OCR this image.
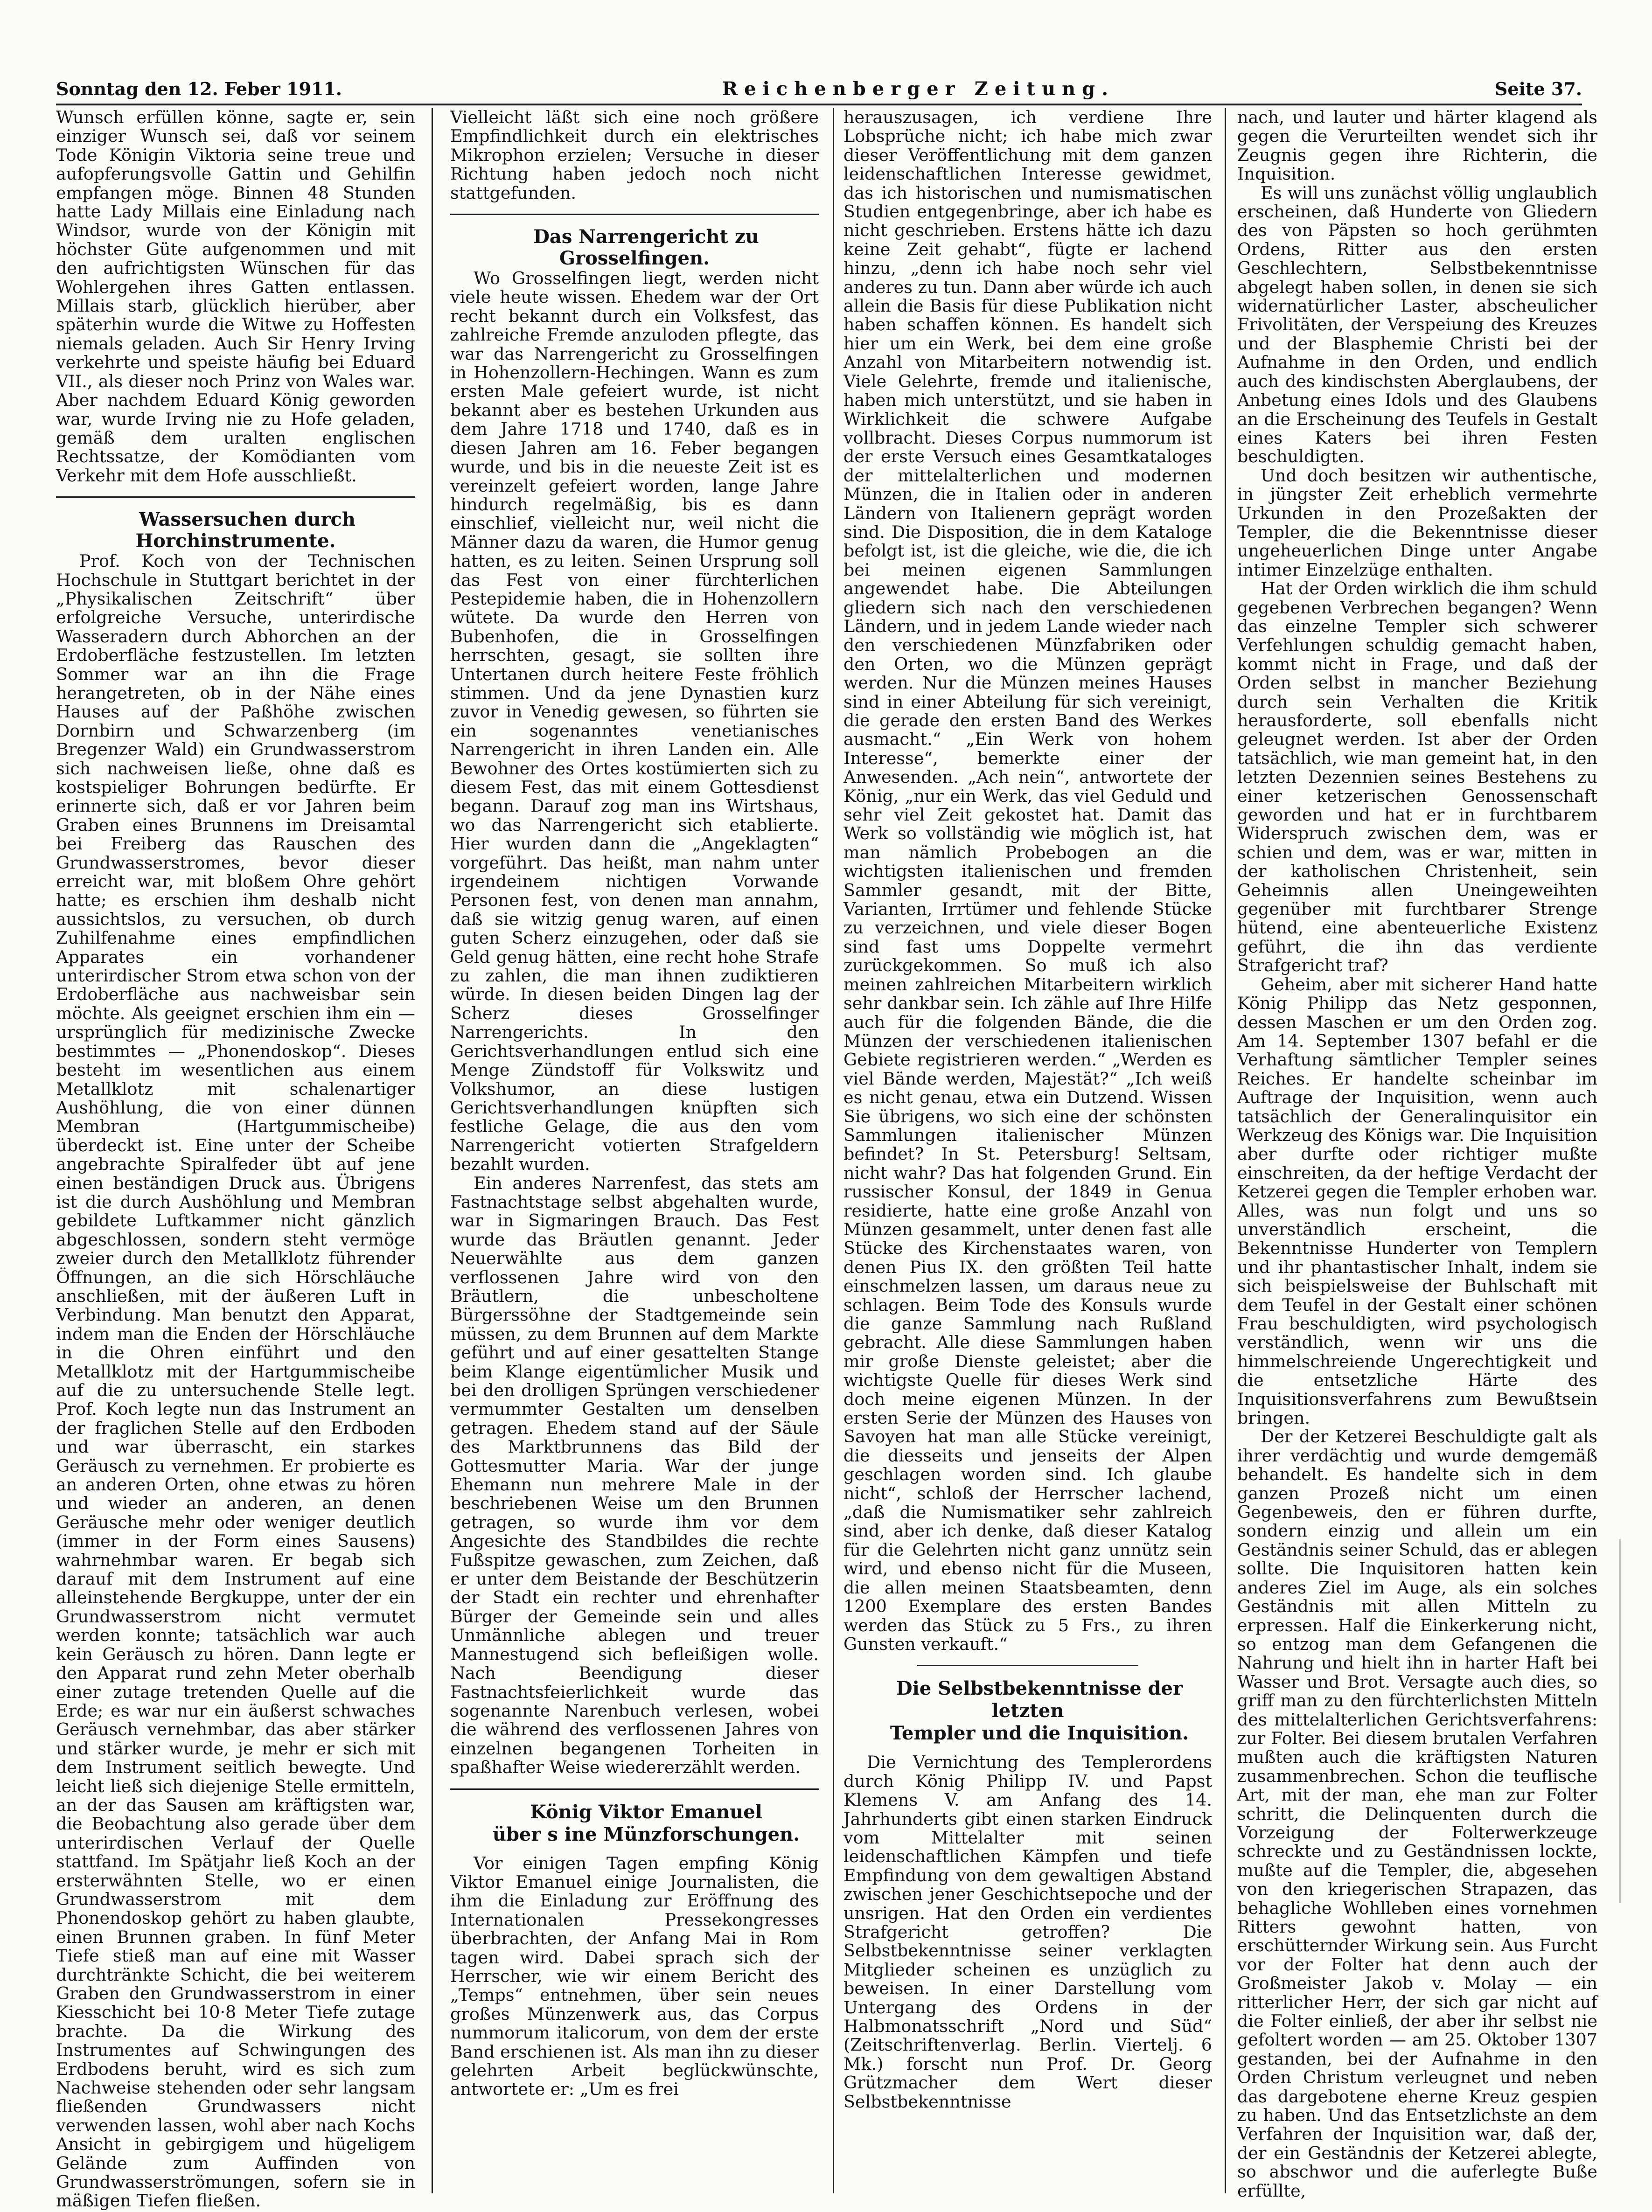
Sonntag den 12. Feber 1911.	Reichenberger Zeitung.	Seite 37.

Wunsch erfüllen könne, sagte er, sein einziger Wunsch sei, daß vor seinem Tode Königin Viktoria seine treue und aufopferungsvolle Gattin und Gehilfin empfangen möge. Binnen 48 Stunden hatte Lady Millais eine Einladung nach Windsor, wurde von der Königin mit höchster Güte aufgenommen und mit den aufrichtigsten Wünschen für das Wohlergehen ihres Gatten entlassen. Millais starb, glücklich hierüber, aber späterhin wurde die Witwe zu Hoffesten niemals geladen. Auch Sir Henry Irving verkehrte und speiste häufig bei Eduard VII., als dieser noch Prinz von Wales war. Aber nachdem Eduard König geworden war, wurde Irving nie zu Hofe geladen, gemäß dem uralten englischen Rechtssatze, der Komödianten vom Verkehr mit dem Hofe ausschließt.

Wassersuchen durch Horchinstrumente.

Prof. Koch von der Technischen Hochschule in Stuttgart berichtet in der „Physikalischen Zeitschrift“ über erfolgreiche Versuche, unterirdische Wasseradern durch Abhorchen an der Erdoberfläche festzustellen. Im letzten Sommer war an ihn die Frage herangetreten, ob in der Nähe eines Hauses auf der Paßhöhe zwischen Dornbirn und Schwarzenberg (im Bregenzer Wald) ein Grundwasserstrom sich nachweisen ließe, ohne daß es kostspieliger Bohrungen bedürfte. Er erinnerte sich, daß er vor Jahren beim Graben eines Brunnens im Dreisamtal bei Freiberg das Rauschen des Grundwasserstromes, bevor dieser erreicht war, mit bloßem Ohre gehört hatte; es erschien ihm deshalb nicht aussichtslos, zu versuchen, ob durch Zuhilfenahme eines empfindlichen Apparates ein vorhandener unterirdischer Strom etwa schon von der Erdoberfläche aus nachweisbar sein möchte. Als geeignet erschien ihm ein — ursprünglich für medizinische Zwecke bestimmtes — „Phonendoskop“. Dieses besteht im wesentlichen aus einem Metallklotz mit schalenartiger Aushöhlung, die von einer dünnen Membran (Hartgummischeibe) überdeckt ist. Eine unter der Scheibe angebrachte Spiralfeder übt auf jene einen beständigen Druck aus. Übrigens ist die durch Aushöhlung und Membran gebildete Luftkammer nicht gänzlich abgeschlossen, sondern steht vermöge zweier durch den Metallklotz führender Öffnungen, an die sich Hörschläuche anschließen, mit der äußeren Luft in Verbindung. Man benutzt den Apparat, indem man die Enden der Hörschläuche in die Ohren einführt und den Metallklotz mit der Hartgummischeibe auf die zu untersuchende Stelle legt. Prof. Koch legte nun das Instrument an der fraglichen Stelle auf den Erdboden und war überrascht, ein starkes Geräusch zu vernehmen. Er probierte es an anderen Orten, ohne etwas zu hören und wieder an anderen, an denen Geräusche mehr oder weniger deutlich (immer in der Form eines Sausens) wahrnehmbar waren. Er begab sich darauf mit dem Instrument auf eine alleinstehende Bergkuppe, unter der ein Grundwasserstrom nicht vermutet werden konnte; tatsächlich war auch kein Geräusch zu hören. Dann legte er den Apparat rund zehn Meter oberhalb einer zutage tretenden Quelle auf die Erde; es war nur ein äußerst schwaches Geräusch vernehmbar, das aber stärker und stärker wurde, je mehr er sich mit dem Instrument seitlich bewegte. Und leicht ließ sich diejenige Stelle ermitteln, an der das Sausen am kräftigsten war, die Beobachtung also gerade über dem unterirdischen Verlauf der Quelle stattfand. Im Spätjahr ließ Koch an der ersterwähnten Stelle, wo er einen Grundwasserstrom mit dem Phonendoskop gehört zu haben glaubte, einen Brunnen graben. In fünf Meter Tiefe stieß man auf eine mit Wasser durchtränkte Schicht, die bei weiterem Graben den Grundwasserstrom in einer Kiesschicht bei 10·8 Meter Tiefe zutage brachte. Da die Wirkung des Instrumentes auf Schwingungen des Erdbodens beruht, wird es sich zum Nachweise stehenden oder sehr langsam fließenden Grundwassers nicht verwenden lassen, wohl aber nach Kochs Ansicht in gebirgigem und hügeligem Gelände zum Auffinden von Grundwasserströmungen, sofern sie in mäßigen Tiefen fließen.

Vielleicht läßt sich eine noch größere Empfindlichkeit durch ein elektrisches Mikrophon erzielen; Versuche in dieser Richtung haben jedoch noch nicht stattgefunden.

Das Narrengericht zu Grosselfingen.

Wo Grosselfingen liegt, werden nicht viele heute wissen. Ehedem war der Ort recht bekannt durch ein Volksfest, das zahlreiche Fremde anzuloden pflegte, das war das Narrengericht zu Grosselfingen in Hohenzollern-Hechingen. Wann es zum ersten Male gefeiert wurde, ist nicht bekannt aber es bestehen Urkunden aus dem Jahre 1718 und 1740, daß es in diesen Jahren am 16. Feber begangen wurde, und bis in die neueste Zeit ist es vereinzelt gefeiert worden, lange Jahre hindurch regelmäßig, bis es dann einschlief, vielleicht nur, weil nicht die Männer dazu da waren, die Humor genug hatten, es zu leiten. Seinen Ursprung soll das Fest von einer fürchterlichen Pestepidemie haben, die in Hohenzollern wütete. Da wurde den Herren von Bubenhofen, die in Grosselfingen herrschten, gesagt, sie sollten ihre Untertanen durch heitere Feste fröhlich stimmen. Und da jene Dynastien kurz zuvor in Venedig gewesen, so führten sie ein sogenanntes venetianisches Narrengericht in ihren Landen ein. Alle Bewohner des Ortes kostümierten sich zu diesem Fest, das mit einem Gottesdienst begann. Darauf zog man ins Wirtshaus, wo das Narrengericht sich etablierte. Hier wurden dann die „Angeklagten“ vorgeführt. Das heißt, man nahm unter irgendeinem nichtigen Vorwande Personen fest, von denen man annahm, daß sie witzig genug waren, auf einen guten Scherz einzugehen, oder daß sie Geld genug hätten, eine recht hohe Strafe zu zahlen, die man ihnen zudiktieren würde. In diesen beiden Dingen lag der Scherz dieses Grosselfinger Narrengerichts. In den Gerichtsverhandlungen entlud sich eine Menge Zündstoff für Volkswitz und Volkshumor, an diese lustigen Gerichtsverhandlungen knüpften sich festliche Gelage, die aus den vom Narrengericht votierten Strafgeldern bezahlt wurden.

Ein anderes Narrenfest, das stets am Fastnachtstage selbst abgehalten wurde, war in Sigmaringen Brauch. Das Fest wurde das Bräutlen genannt. Jeder Neuerwählte aus dem ganzen verflossenen Jahre wird von den Bräutlern, die unbescholtene Bürgerssöhne der Stadtgemeinde sein müssen, zu dem Brunnen auf dem Markte geführt und auf einer gesattelten Stange beim Klange eigentümlicher Musik und bei den drolligen Sprüngen verschiedener vermummter Gestalten um denselben getragen. Ehedem stand auf der Säule des Marktbrunnens das Bild der Gottesmutter Maria. War der junge Ehemann nun mehrere Male in der beschriebenen Weise um den Brunnen getragen, so wurde ihm vor dem Angesichte des Standbildes die rechte Fußspitze gewaschen, zum Zeichen, daß er unter dem Beistande der Beschützerin der Stadt ein rechter und ehrenhafter Bürger der Gemeinde sein und alles Unmännliche ablegen und treuer Mannestugend sich befleißigen wolle. Nach Beendigung dieser Fastnachtsfeierlichkeit wurde das sogenannte Narenbuch verlesen, wobei die während des verflossenen Jahres von einzelnen begangenen Torheiten in spaßhafter Weise wiedererzählt werden.

König Viktor Emanuel

über s ine Münzforschungen.

Vor einigen Tagen empfing König Viktor Emanuel einige Journalisten, die ihm die Einladung zur Eröffnung des Internationalen Pressekongresses überbrachten, der Anfang Mai in Rom tagen wird. Dabei sprach sich der Herrscher, wie wir einem Bericht des „Temps“ entnehmen, über sein neues großes Münzenwerk aus, das Corpus nummorum italicorum, von dem der erste Band erschienen ist. Als man ihn zu dieser gelehrten Arbeit beglückwünschte, antwortete er: „Um es frei

herauszusagen, ich verdiene Ihre Lobsprüche nicht; ich habe mich zwar dieser Veröffentlichung mit dem ganzen leidenschaftlichen Interesse gewidmet, das ich historischen und numismatischen Studien entgegenbringe, aber ich habe es nicht geschrieben. Erstens hätte ich dazu keine Zeit gehabt“, fügte er lachend hinzu, „denn ich habe noch sehr viel anderes zu tun. Dann aber würde ich auch allein die Basis für diese Publikation nicht haben schaffen können. Es handelt sich hier um ein Werk, bei dem eine große Anzahl von Mitarbeitern notwendig ist. Viele Gelehrte, fremde und italienische, haben mich unterstützt, und sie haben in Wirklichkeit die schwere Aufgabe vollbracht. Dieses Corpus nummorum ist der erste Versuch eines Gesamtkataloges der mittelalterlichen und modernen Münzen, die in Italien oder in anderen Ländern von Italienern geprägt worden sind. Die Disposition, die in dem Kataloge befolgt ist, ist die gleiche, wie die, die ich bei meinen eigenen Sammlungen angewendet habe. Die Abteilungen gliedern sich nach den verschiedenen Ländern, und in jedem Lande wieder nach den verschiedenen Münzfabriken oder den Orten, wo die Münzen geprägt werden. Nur die Münzen meines Hauses sind in einer Abteilung für sich vereinigt, die gerade den ersten Band des Werkes ausmacht.“ „Ein Werk von hohem Interesse“, bemerkte einer der Anwesenden. „Ach nein“, antwortete der König, „nur ein Werk, das viel Geduld und sehr viel Zeit gekostet hat. Damit das Werk so vollständig wie möglich ist, hat man nämlich Probebogen an die wichtigsten italienischen und fremden Sammler gesandt, mit der Bitte, Varianten, Irrtümer und fehlende Stücke zu verzeichnen, und viele dieser Bogen sind fast ums Doppelte vermehrt zurückgekommen. So muß ich also meinen zahlreichen Mitarbeitern wirklich sehr dankbar sein. Ich zähle auf Ihre Hilfe auch für die folgenden Bände, die die Münzen der verschiedenen italienischen Gebiete registrieren werden.“ „Werden es viel Bände werden, Majestät?“ „Ich weiß es nicht genau, etwa ein Dutzend. Wissen Sie übrigens, wo sich eine der schönsten Sammlungen italienischer Münzen befindet? In St. Petersburg! Seltsam, nicht wahr? Das hat folgenden Grund. Ein russischer Konsul, der 1849 in Genua residierte, hatte eine große Anzahl von Münzen gesammelt, unter denen fast alle Stücke des Kirchenstaates waren, von denen Pius IX. den größten Teil hatte einschmelzen lassen, um daraus neue zu schlagen. Beim Tode des Konsuls wurde die ganze Sammlung nach Rußland gebracht. Alle diese Sammlungen haben mir große Dienste geleistet; aber die wichtigste Quelle für dieses Werk sind doch meine eigenen Münzen. In der ersten Serie der Münzen des Hauses von Savoyen hat man alle Stücke vereinigt, die diesseits und jenseits der Alpen geschlagen worden sind. Ich glaube nicht“, schloß der Herrscher lachend, „daß die Numismatiker sehr zahlreich sind, aber ich denke, daß dieser Katalog für die Gelehrten nicht ganz unnütz sein wird, und ebenso nicht für die Museen, die allen meinen Staatsbeamten, denn 1200 Exemplare des ersten Bandes werden das Stück zu 5 Frs., zu ihren Gunsten verkauft.“

Die Selbstbekenntnisse der letzten

Templer und die Inquisition.

Die Vernichtung des Templerordens durch König Philipp IV. und Papst Klemens V. am Anfang des 14. Jahrhunderts gibt einen starken Eindruck vom Mittelalter mit seinen leidenschaftlichen Kämpfen und tiefe Empfindung von dem gewaltigen Abstand zwischen jener Geschichtsepoche und der unsrigen. Hat den Orden ein verdientes Strafgericht getroffen? Die Selbstbekenntnisse seiner verklagten Mitglieder scheinen es unzüglich zu beweisen. In einer Darstellung vom Untergang des Ordens in der Halbmonatsschrift „Nord und Süd“ (Zeitschriftenverlag. Berlin. Viertelj. 6 Mk.) forscht nun Prof. Dr. Georg Grützmacher dem Wert dieser Selbstbekenntnisse

nach, und lauter und härter klagend als gegen die Verurteilten wendet sich ihr Zeugnis gegen ihre Richterin, die Inquisition.

Es will uns zunächst völlig unglaublich erscheinen, daß Hunderte von Gliedern des von Päpsten so hoch gerühmten Ordens, Ritter aus den ersten Geschlechtern, Selbstbekenntnisse abgelegt haben sollen, in denen sie sich widernatürlicher Laster, abscheulicher Frivolitäten, der Verspeiung des Kreuzes und der Blasphemie Christi bei der Aufnahme in den Orden, und endlich auch des kindischsten Aberglaubens, der Anbetung eines Idols und des Glaubens an die Erscheinung des Teufels in Gestalt eines Katers bei ihren Festen beschuldigten.

Und doch besitzen wir authentische, in jüngster Zeit erheblich vermehrte Urkunden in den Prozeßakten der Templer, die die Bekenntnisse dieser ungeheuerlichen Dinge unter Angabe intimer Einzelzüge enthalten.

Hat der Orden wirklich die ihm schuld gegebenen Verbrechen begangen? Wenn das einzelne Templer sich schwerer Verfehlungen schuldig gemacht haben, kommt nicht in Frage, und daß der Orden selbst in mancher Beziehung durch sein Verhalten die Kritik herausforderte, soll ebenfalls nicht geleugnet werden. Ist aber der Orden tatsächlich, wie man gemeint hat, in den letzten Dezennien seines Bestehens zu einer ketzerischen Genossenschaft geworden und hat er in furchtbarem Widerspruch zwischen dem, was er schien und dem, was er war, mitten in der katholischen Christenheit, sein Geheimnis allen Uneingeweihten gegenüber mit furchtbarer Strenge hütend, eine abenteuerliche Existenz geführt, die ihn das verdiente Strafgericht traf?

Geheim, aber mit sicherer Hand hatte König Philipp das Netz gesponnen, dessen Maschen er um den Orden zog. Am 14. September 1307 befahl er die Verhaftung sämtlicher Templer seines Reiches. Er handelte scheinbar im Auftrage der Inquisition, wenn auch tatsächlich der Generalinquisitor ein Werkzeug des Königs war. Die Inquisition aber durfte oder richtiger mußte einschreiten, da der heftige Verdacht der Ketzerei gegen die Templer erhoben war. Alles, was nun folgt und uns so unverständlich erscheint, die Bekenntnisse Hunderter von Templern und ihr phantastischer Inhalt, indem sie sich beispielsweise der Buhlschaft mit dem Teufel in der Gestalt einer schönen Frau beschuldigten, wird psychologisch verständlich, wenn wir uns die himmelschreiende Ungerechtigkeit und die entsetzliche Härte des Inquisitionsverfahrens zum Bewußtsein bringen.

Der der Ketzerei Beschuldigte galt als ihrer verdächtig und wurde demgemäß behandelt. Es handelte sich in dem ganzen Prozeß nicht um einen Gegenbeweis, den er führen durfte, sondern einzig und allein um ein Geständnis seiner Schuld, das er ablegen sollte. Die Inquisitoren hatten kein anderes Ziel im Auge, als ein solches Geständnis mit allen Mitteln zu erpressen. Half die Einkerkerung nicht, so entzog man dem Gefangenen die Nahrung und hielt ihn in harter Haft bei Wasser und Brot. Versagte auch dies, so griff man zu den fürchterlichsten Mitteln des mittelalterlichen Gerichtsverfahrens: zur Folter. Bei diesem brutalen Verfahren mußten auch die kräftigsten Naturen zusammenbrechen. Schon die teuflische Art, mit der man, ehe man zur Folter schritt, die Delinquenten durch die Vorzeigung der Folterwerkzeuge schreckte und zu Geständnissen lockte, mußte auf die Templer, die, abgesehen von den kriegerischen Strapazen, das behagliche Wohlleben eines vornehmen Ritters gewohnt hatten, von erschütternder Wirkung sein. Aus Furcht vor der Folter hat denn auch der Großmeister Jakob v. Molay — ein ritterlicher Herr, der sich gar nicht auf die Folter einließ, der aber ihr selbst nie gefoltert worden — am 25. Oktober 1307 gestanden, bei der Aufnahme in den Orden Christum verleugnet und neben das dargebotene eherne Kreuz gespien zu haben. Und das Entsetzlichste an dem Verfahren der Inquisition war, daß der, der ein Geständnis der Ketzerei ablegte, so abschwor und die auferlegte Buße erfüllte,
